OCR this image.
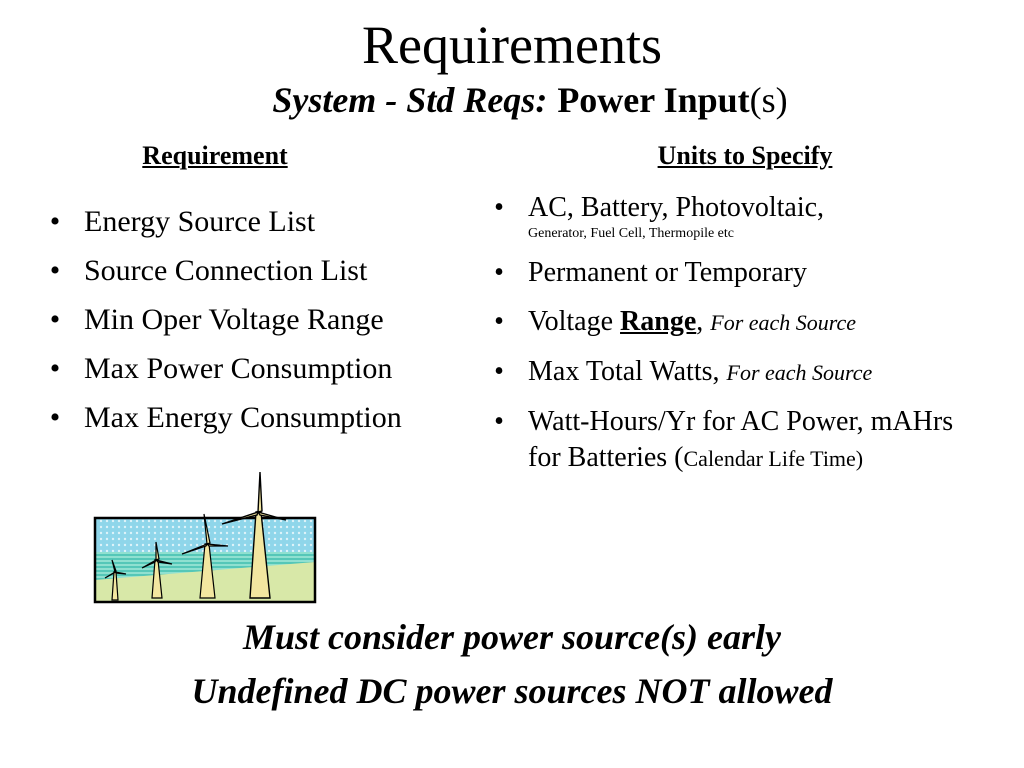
Requirements
System - Std Reqs: Power Input(s)
Requirement	Units to Specify
• Energy Source List
• Source Connection List
• Min Oper Voltage Range
• Max Power Consumption
• Max Energy Consumption
• AC, Battery, Photovoltaic,
Generator, Fuel Cell, Thermopile etc
• Permanent or Temporary
• Voltage Range, For each Source
• Max Total Watts, For each Source
• Watt-Hours/Yr for AC Power, mAHrs for Batteries (Calendar Life Time)
Must consider power source(s) early
Undefined DC power sources NOT allowed
